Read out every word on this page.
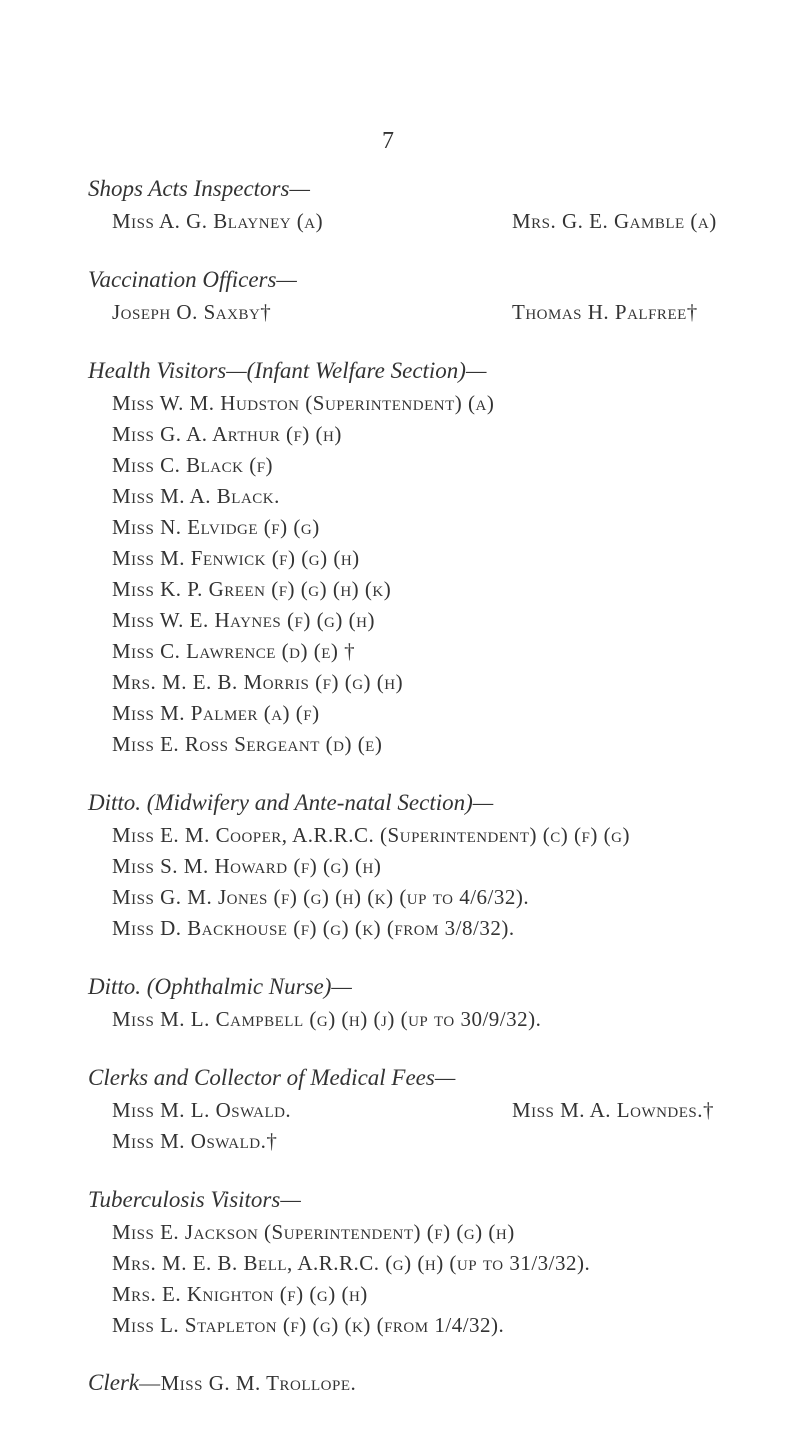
7
Shops Acts Inspectors—
Miss A. G. Blayney (a)	Mrs. G. E. Gamble (a)
Vaccination Officers—
Joseph O. Saxby†	Thomas H. Palfree†
Health Visitors—(Infant Welfare Section)—
Miss W. M. Hudston (Superintendent) (a)
Miss G. A. Arthur (f) (h)
Miss C. Black (f)
Miss M. A. Black.
Miss N. Elvidge (f) (g)
Miss M. Fenwick (f) (g) (h)
Miss K. P. Green (f) (g) (h) (k)
Miss W. E. Haynes (f) (g) (h)
Miss C. Lawrence (d) (e) †
Mrs. M. E. B. Morris (f) (g) (h)
Miss M. Palmer (a) (f)
Miss E. Ross Sergeant (d) (e)
Ditto. (Midwifery and Ante-natal Section)—
Miss E. M. Cooper, A.R.R.C. (Superintendent) (c) (f) (g)
Miss S. M. Howard (f) (g) (h)
Miss G. M. Jones (f) (g) (h) (k) (up to 4/6/32).
Miss D. Backhouse (f) (g) (k) (from 3/8/32).
Ditto. (Ophthalmic Nurse)—
Miss M. L. Campbell (g) (h) (j) (up to 30/9/32).
Clerks and Collector of Medical Fees—
Miss M. L. Oswald.	Miss M. A. Lowndes.†
Miss M. Oswald.†
Tuberculosis Visitors—
Miss E. Jackson (Superintendent) (f) (g) (h)
Mrs. M. E. B. Bell, A.R.R.C. (g) (h) (up to 31/3/32).
Mrs. E. Knighton (f) (g) (h)
Miss L. Stapleton (f) (g) (k) (from 1/4/32).
Clerk—Miss G. M. Trollope.
